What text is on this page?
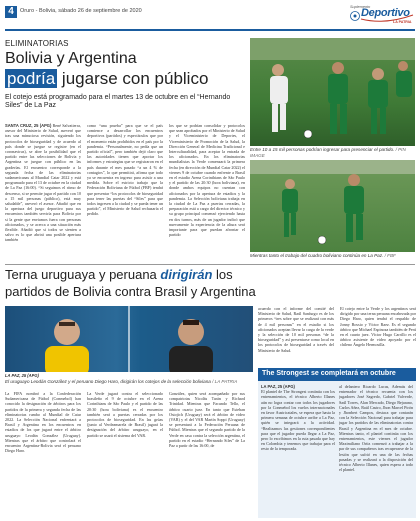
4	Oruro - Bolivia, sábado 26 de septiembre de 2020
Suplemento
Deportivo
LA PATRIA
ELIMINATORIAS
Bolivia y Argentina
podría jugarse con público
El cotejo está programado para el martes 13 de octubre en el “Hernando Siles” de La Paz
SANTA CRUZ, 25 (APG) René Salvatierra, asesor del Ministerio de Salud, aseveró que tras una minuciosa revisión, siguiendo los protocolos de bioseguridad y de acuerdo al país donde se juegue se registre (en el coronavirus), se abre la posibilidad que el partido entre las selecciones de Bolivia y Argentina se juegue con público en las graderías. El encuentro corresponde a la segunda fecha de las eliminatorias sudamericanas al Mundial Catar 2022 y está programado para el 13 de octubre en la ciudad de La Paz (16:00). “Si seguimos el ritmo de descenso, si se permite jugar el partido con 10 a 15 mil personas (público), está muy saludable”, aseveró el asesor. Añadió que en la apertura del juego deportivo para sus encuentros también serviría para Bolivia por si la gente que enviamos fuera con personas aficionados, y se acerca a una situación más flexible. Añadió que si todos se sienten a salvo es lo que abrirá una posible apertura también
como “una prueba” para que se el país comience a desarrollar los encuentros deportivos (partidos) y espectáculos que por el momento están prohibidos en el país por la pandemia. “Personalmente, no pedía que un partido oficial”, pero también dejó claro que las autoridades tienen que aportar los informes y estrategias que se registraron en el país durante el mes pasado “a un 4 % de contagios”, lo que permitirá, afirma que todo ya se encuentra en ingreso para asistir a una medida. Sobre el estricto trabajo que la Federación Boliviana de Fútbol (FBF) tendrá que presentar “los protocolos de bioseguridad para tener las puertas del “Siles” para que todos ingresen a la ciudad y se pueda tener un partido”, el Ministerio de Salud rechazaría el pedido.
los que se podrían consolidar y protocolos que sean aprobados por el Ministerio de Salud y el Viceministerio de Deportes, el Viceministerio de Promoción de la Salud, la Dirección General de Medicina Tradicional e Interculturalidad, para aceptar la entrada de los aficionados. En los eliminatorias mundialistas la Verde comenzará la primera fecha (en dirección de Mundial Catar 2022) el viernes 9 de octubre cuando enfrente a Brasil en el estadio Arena Corinthians de São Paulo y el partido de las 20:30 (hora boliviana), en donde ambos equipos no cuentan con aficionados por la apertura de estadios y la pandemia. La Selección boliviana trabaja en la ciudad de La Paz a puertas cerradas, la preparación está a cargo del director técnico y su grupo principal comenzó ejerciendo hasta en dos turnos, más de un jugador indicó que nuevamente la experiencia de la altura será importante para que puedan afrontar el partido
Entre 10 a 15 mil personas podrían ingresar para presenciar el partido. / PIN IMAGE
Mientras tanto el trabajo del cuadro boliviano continúa en La Paz. / FBF
Terna uruguaya y peruana dirigirán los
partidos de Bolivia contra Brasil y Argentina
LA PAZ, 25 (APG)
El uruguayo Leodán González y el peruano Diego Haro, dirigirán los cotejos de la selección boliviana / LA PATRIA
La FIFA nombró a la Confederación Sudamericana de Fútbol (Conmebol) han conocido la designación de árbitros para los partidos de la primera y segunda fecha de las eliminatorias rumbo al Mundial de Catar 2022. La Selección Nacional enfrentará a Brasil y Argentina en los encuentros en estadios de los que jugará entre el árbitro uruguayo Leodán González (Uruguay). Mientras que el árbitro que controlará el encuentro Argentina-Bolivia será el peruano Diego Haro.
La Verde jugará contra el seleccionado brasileño el 9 de octubre en el Arena Corinthians de São Paulo y el partido de las 20:30 (hora boliviana) es el encuentro también será a puertas cerradas por los protocolos de bioseguridad. En las grúas (junto al Verdeamarela de Brasil) jugará la designación del árbitro uruguayo, en el partido se usará el sistema del VAR.
González, quien será acompañado por sus compatriotas Nicolás Tarán y Richard Trinidad. Mientras que Facundo Tello, el árbitro cuarto juez. En tanto que Esteban Ostojich (Uruguay) será el árbitro de video (VAR) y el del VAR Martín Soppi (Uruguay) se presentará a la Federación Peruana de Fútbol. Mientras que el segundo partido de la Verde en casa contra la selección argentina, el partido en el estadio “Hernando Siles” de La Paz a partir de las 16:00, de
acuerdo con el informe del comité del Ministerio de Salud, Raúl Sanfurgo es de los primeros “tres sobre que se realizará con más de 4 mil personas” en el estadio si los aficionados aceptan llevar la carga de la verde y la selección de 10 mil personas “de la bioseguridad” y así presentarse como local en los protocolos de bioseguridad a través del Ministerio de Salud.
El cotejo entre la Verde y los argentinos será dirigido por una terna peruana encabezada por Diego Haro, quien tendrá el respaldo de Jonny Bossio y Víctor Raez. Es el segundo árbitro que Michael Espinoza también de Perú en el cuarto juez. Víctor Hugo Carrillo es el árbitro asistente de video apoyado por el chileno Ángelo Hermosilla.
The Strongest se completará en octubre
LA PAZ, 25 (APG)
El plantel de The Strongest continúa con los entrenamientos, el técnico Alberto Illanes aún no logra contar con todos los jugadores por la Conmebol los vuelos internacionales en favor Austricatales, se espera que hasta la primera semana de octubre arribe a La Paz, quién se integrará a la actividad. “Realizamos las gestiones correspondientes para que el jugador pueda llegar a La Paz, pero lo escribimos en la ruta pasada que hay en Colombia y tenemos que trabajar para el resto de la temporada.
al delantero Ricardo Lucas, Además del entrenador el técnico recuenta con los jugadores José Sagredo, Gabriel Valverde, Saúl Torres, Alan Mercado, Diego Bejarano, Carlos Añez, Raúl Castro, Jhon Marcel Pirón y Jhonbert Campos, destaca que contarán con la Selección Nacional para trabajar para jugar los partidos de las eliminatorias contra Brasil y Argentina en el mes de octubre. Mientras tanto, el plantel continúa con los entrenamientos, este viernes el jugador Maximiliano Ortiz comenzó a trabajar a la par de sus compañeros tras recuperarse de la lesión que sufrió en una de las fechas pasadas y se realizará a la disposición del técnico Alberto Illanes, quien espera a todo el plantel.
